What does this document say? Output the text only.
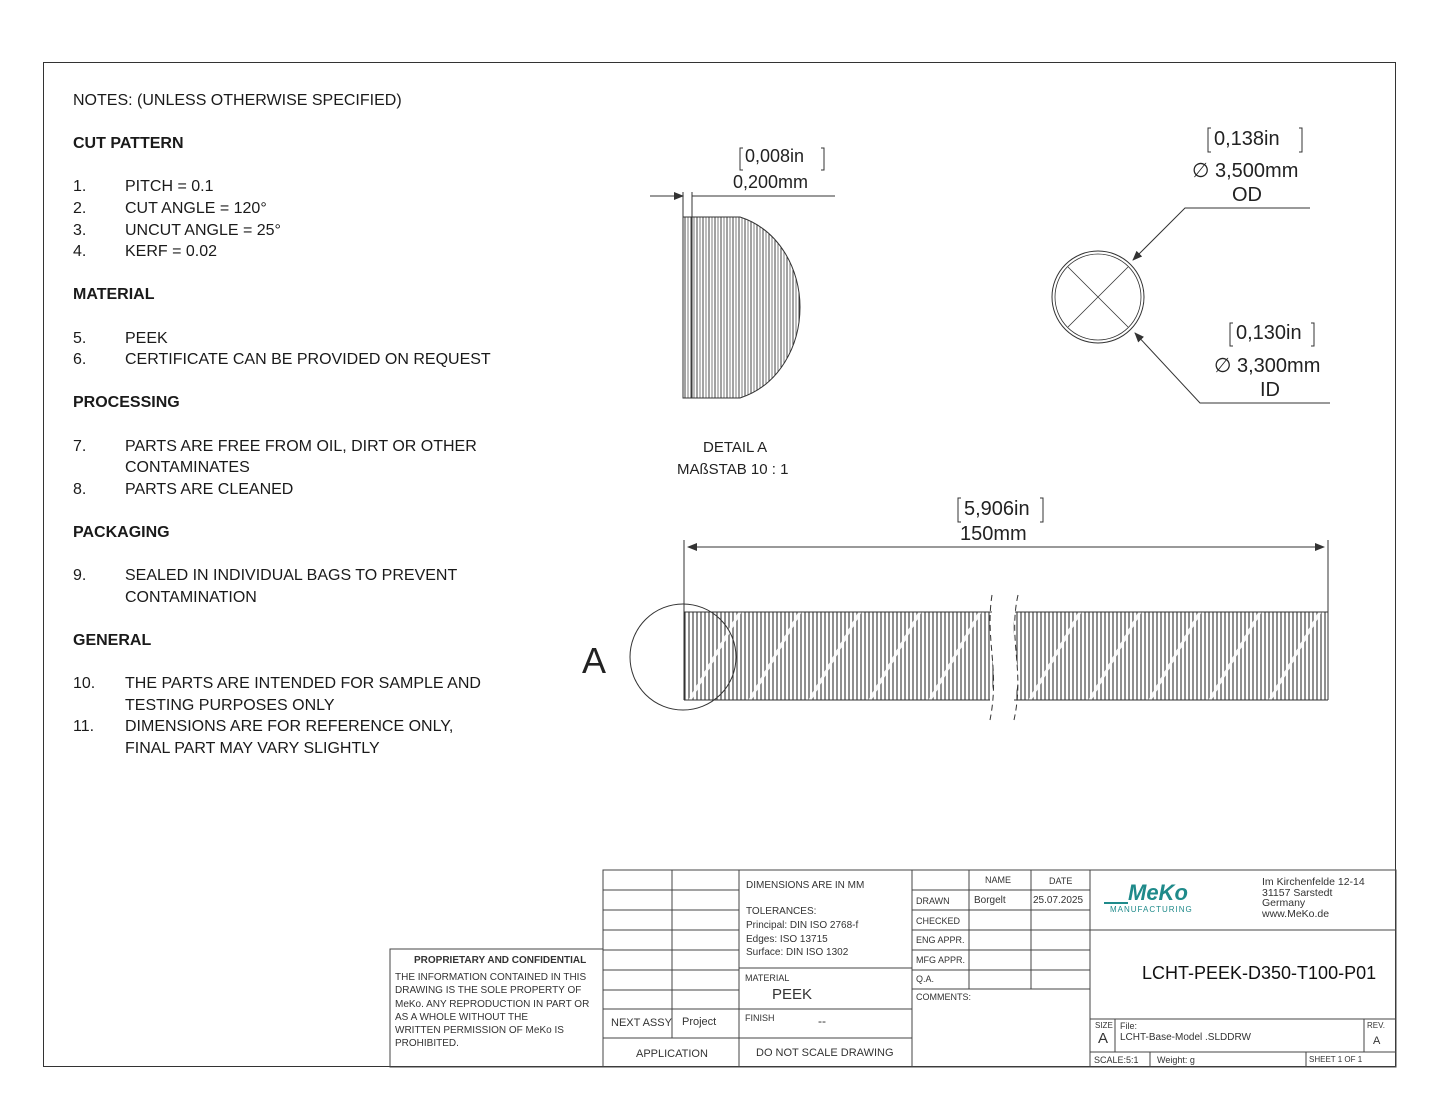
NOTES: (UNLESS OTHERWISE SPECIFIED)
CUT PATTERN
1. PITCH = 0.1
2. CUT ANGLE = 120°
3. UNCUT ANGLE = 25°
4. KERF = 0.02
MATERIAL
5. PEEK
6. CERTIFICATE CAN BE PROVIDED ON REQUEST
PROCESSING
7. PARTS ARE FREE FROM OIL, DIRT OR OTHER
CONTAMINATES
8. PARTS ARE CLEANED
PACKAGING
9. SEALED IN INDIVIDUAL BAGS TO PREVENT
CONTAMINATION
GENERAL
10. THE PARTS ARE INTENDED FOR SAMPLE AND
TESTING PURPOSES ONLY
11. DIMENSIONS ARE FOR REFERENCE ONLY,
FINAL PART MAY VARY SLIGHTLY
0,008in
0,200mm
DETAIL A
MAßSTAB 10 : 1
0,138in
∅ 3,500mm
OD
0,130in
∅ 3,300mm
ID
5,906in
150mm
A
PROPRIETARY AND CONFIDENTIAL
THE INFORMATION CONTAINED IN THIS
DRAWING IS THE SOLE PROPERTY OF
MeKo. ANY REPRODUCTION IN PART OR
AS A WHOLE WITHOUT THE
WRITTEN PERMISSION OF MeKo IS
PROHIBITED.
NEXT ASSY Project
APPLICATION
DIMENSIONS ARE IN MM
TOLERANCES:
Principal: DIN ISO 2768-f
Edges: ISO 13715
Surface: DIN ISO 1302
MATERIAL
PEEK
FINISH	--
DO NOT SCALE DRAWING
NAME	DATE
DRAWN Borgelt	25.07.2025
CHECKED
ENG APPR.
MFG APPR.
Q.A.
COMMENTS:
MeKo
MANUFACTURING
Im Kirchenfelde 12-14
31157 Sarstedt
Germany
www.MeKo.de
LCHT-PEEK-D350-T100-P01
SIZE
A
File:
LCHT-Base-Model .SLDDRW
REV.
A
SCALE:5:1 Weight: g	SHEET 1 OF 1
